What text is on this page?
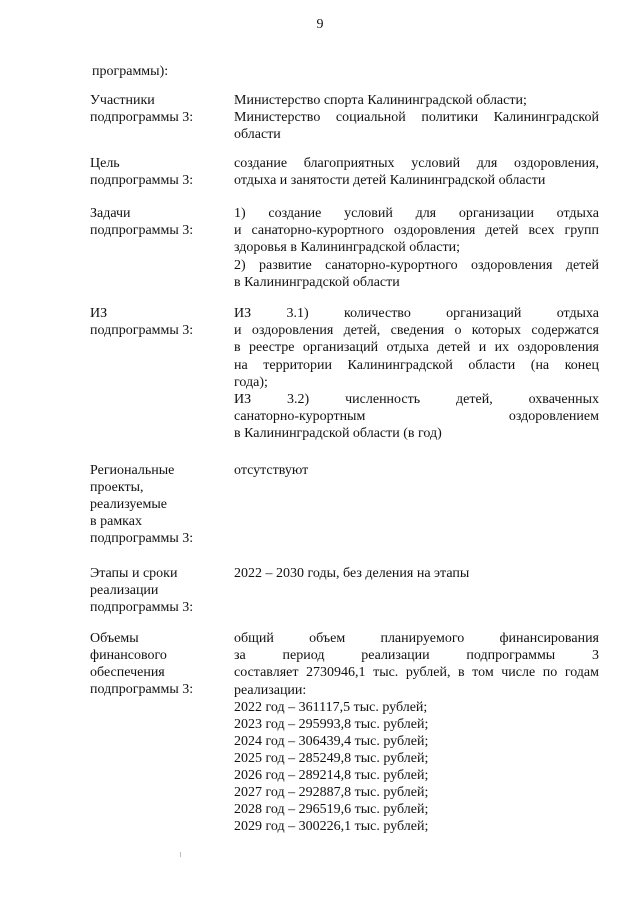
9
программы):
Участники
подпрограммы 3:
Министерство спорта Калининградской области;
Министерство социальной политики Калининградской
области
Цель
подпрограммы 3:
создание благоприятных условий для оздоровления,
отдыха и занятости детей Калининградской области
Задачи
подпрограммы 3:
1) создание условий для организации отдыха
и санаторно-курортного оздоровления детей всех групп
здоровья в Калининградской области;
2) развитие санаторно-курортного оздоровления детей
в Калининградской области
ИЗ
подпрограммы 3:
ИЗ 3.1) количество организаций отдыха
и оздоровления детей, сведения о которых содержатся
в реестре организаций отдыха детей и их оздоровления
на территории Калининградской области (на конец
года);
ИЗ 3.2) численность детей, охваченных
санаторно-курортным оздоровлением
в Калининградской области (в год)
Региональные
проекты,
реализуемые
в рамках
подпрограммы 3:
отсутствуют
Этапы и сроки
реализации
подпрограммы 3:
2022 – 2030 годы, без деления на этапы
Объемы
финансового
обеспечения
подпрограммы 3:
общий объем планируемого финансирования
за период реализации подпрограммы 3
составляет 2730946,1 тыс. рублей, в том числе по годам
реализации:
2022 год – 361117,5 тыс. рублей;
2023 год – 295993,8 тыс. рублей;
2024 год – 306439,4 тыс. рублей;
2025 год – 285249,8 тыс. рублей;
2026 год – 289214,8 тыс. рублей;
2027 год – 292887,8 тыс. рублей;
2028 год – 296519,6 тыс. рублей;
2029 год – 300226,1 тыс. рублей;
